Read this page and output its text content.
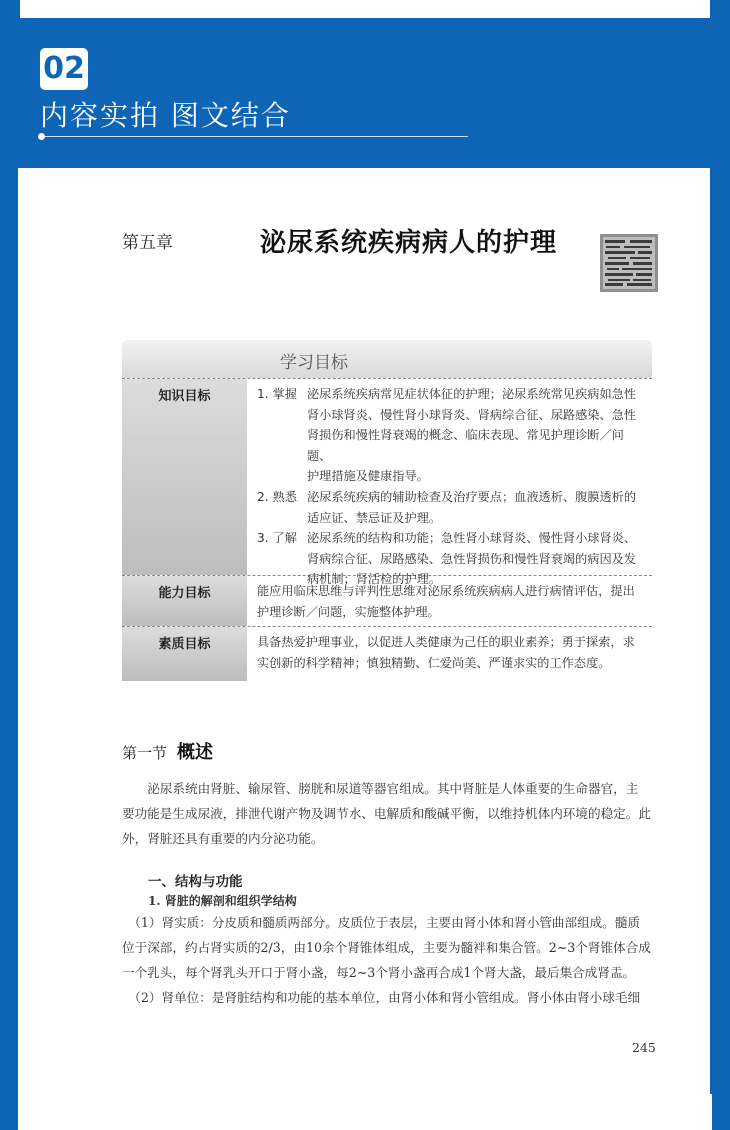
02
内容实拍 图文结合
第五章	泌尿系统疾病病人的护理
学习目标
知识目标	1. 掌握 泌尿系统疾病常见症状体征的护理；泌尿系统常见疾病如急性
肾小球肾炎、慢性肾小球肾炎、肾病综合征、尿路感染、急性
肾损伤和慢性肾衰竭的概念、临床表现、常见护理诊断／问题、
护理措施及健康指导。
2. 熟悉 泌尿系统疾病的辅助检查及治疗要点；血液透析、腹膜透析的
适应证、禁忌证及护理。
3. 了解 泌尿系统的结构和功能；急性肾小球肾炎、慢性肾小球肾炎、
肾病综合征、尿路感染、急性肾损伤和慢性肾衰竭的病因及发
病机制；肾活检的护理。
能力目标	能应用临床思维与评判性思维对泌尿系统疾病病人进行病情评估，提出
护理诊断／问题，实施整体护理。
素质目标	具备热爱护理事业，以促进人类健康为己任的职业素养；勇于探索，求
实创新的科学精神；慎独精勤、仁爱尚美、严谨求实的工作态度。
第一节 概述
　　泌尿系统由肾脏、输尿管、膀胱和尿道等器官组成。其中肾脏是人体重要的生命器官，主
要功能是生成尿液，排泄代谢产物及调节水、电解质和酸碱平衡，以维持机体内环境的稳定。此
外，肾脏还具有重要的内分泌功能。
一、结构与功能
1. 肾脏的解剖和组织学结构
　（1）肾实质：分皮质和髓质两部分。皮质位于表层，主要由肾小体和肾小管曲部组成。髓质
位于深部，约占肾实质的2/3，由10余个肾锥体组成，主要为髓袢和集合管。2~3个肾锥体合成
一个乳头，每个肾乳头开口于肾小盏，每2~3个肾小盏再合成1个肾大盏，最后集合成肾盂。
　（2）肾单位：是肾脏结构和功能的基本单位，由肾小体和肾小管组成。肾小体由肾小球毛细
245
